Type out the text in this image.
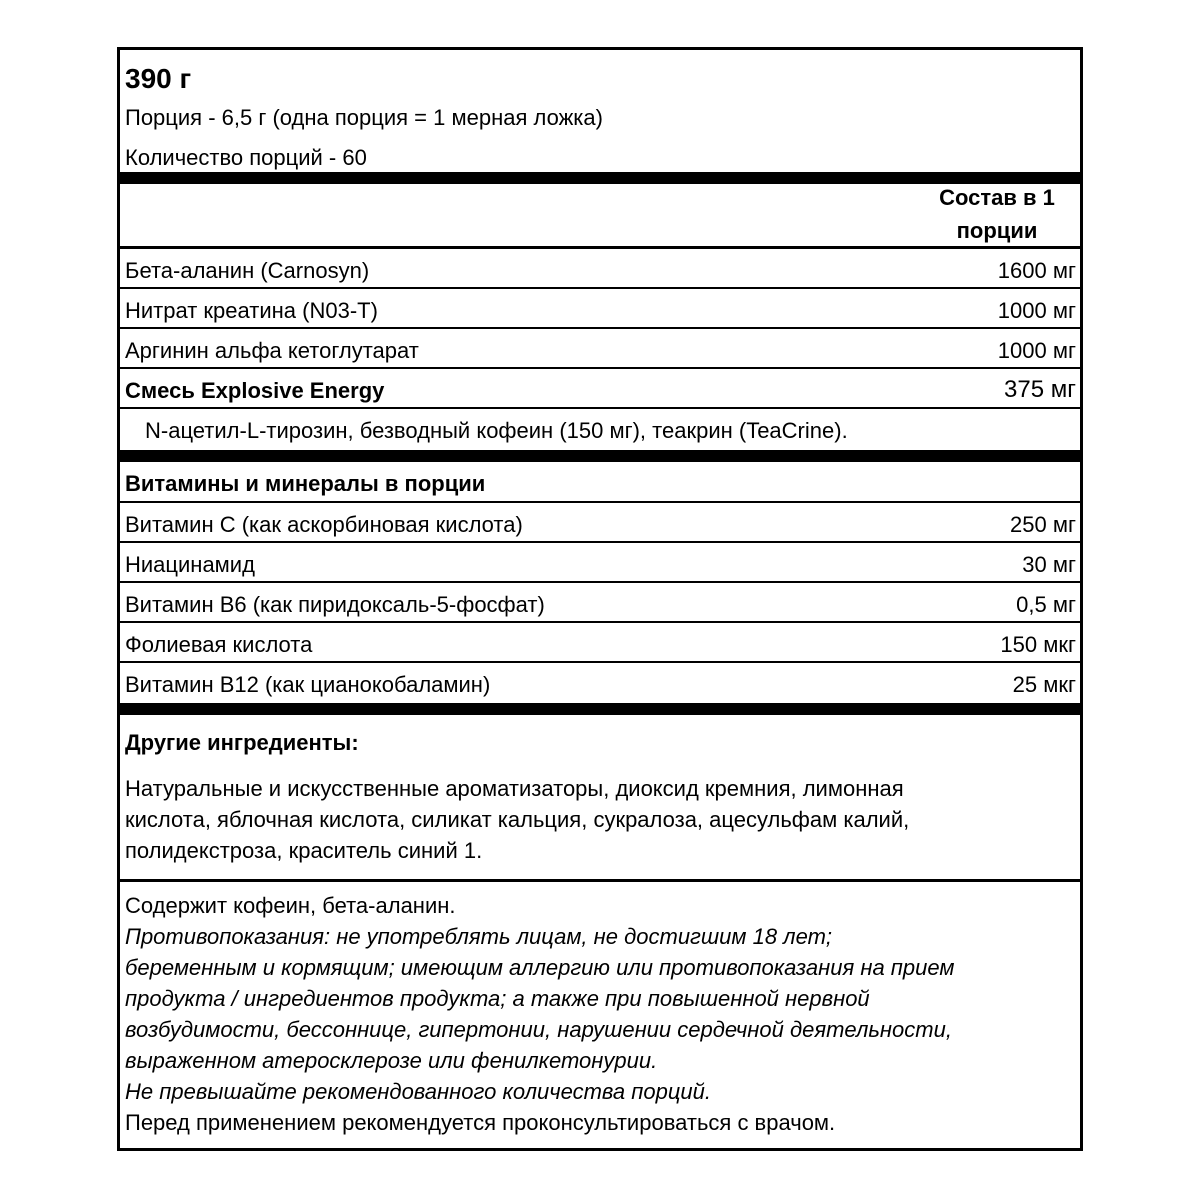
390 г
Порция - 6,5 г (одна порция = 1 мерная ложка)
Количество порций - 60
Состав в 1
порции
Бета-аланин (Carnosyn)	1600 мг
Нитрат креатина (N03-T)	1000 мг
Аргинин альфа кетоглутарат	1000 мг
Смесь Explosive Energy	375 мг
N-ацетил-L-тирозин, безводный кофеин (150 мг), теакрин (TeaCrine).
Витамины и минералы в порции
Витамин С (как аскорбиновая кислота)	250 мг
Ниацинамид	30 мг
Витамин В6 (как пиридоксаль-5-фосфат)	0,5 мг
Фолиевая кислота	150 мкг
Витамин В12 (как цианокобаламин)	25 мкг
Другие ингредиенты:
Натуральные и искусственные ароматизаторы, диоксид кремния, лимонная
кислота, яблочная кислота, силикат кальция, сукралоза, ацесульфам калий,
полидекстроза, краситель синий 1.
Содержит кофеин, бета-аланин.
Противопоказания: не употреблять лицам, не достигшим 18 лет;
беременным и кормящим; имеющим аллергию или противопоказания на прием
продукта / ингредиентов продукта; а также при повышенной нервной
возбудимости, бессоннице, гипертонии, нарушении сердечной деятельности,
выраженном атеросклерозе или фенилкетонурии.
Не превышайте рекомендованного количества порций.
Перед применением рекомендуется проконсультироваться с врачом.
